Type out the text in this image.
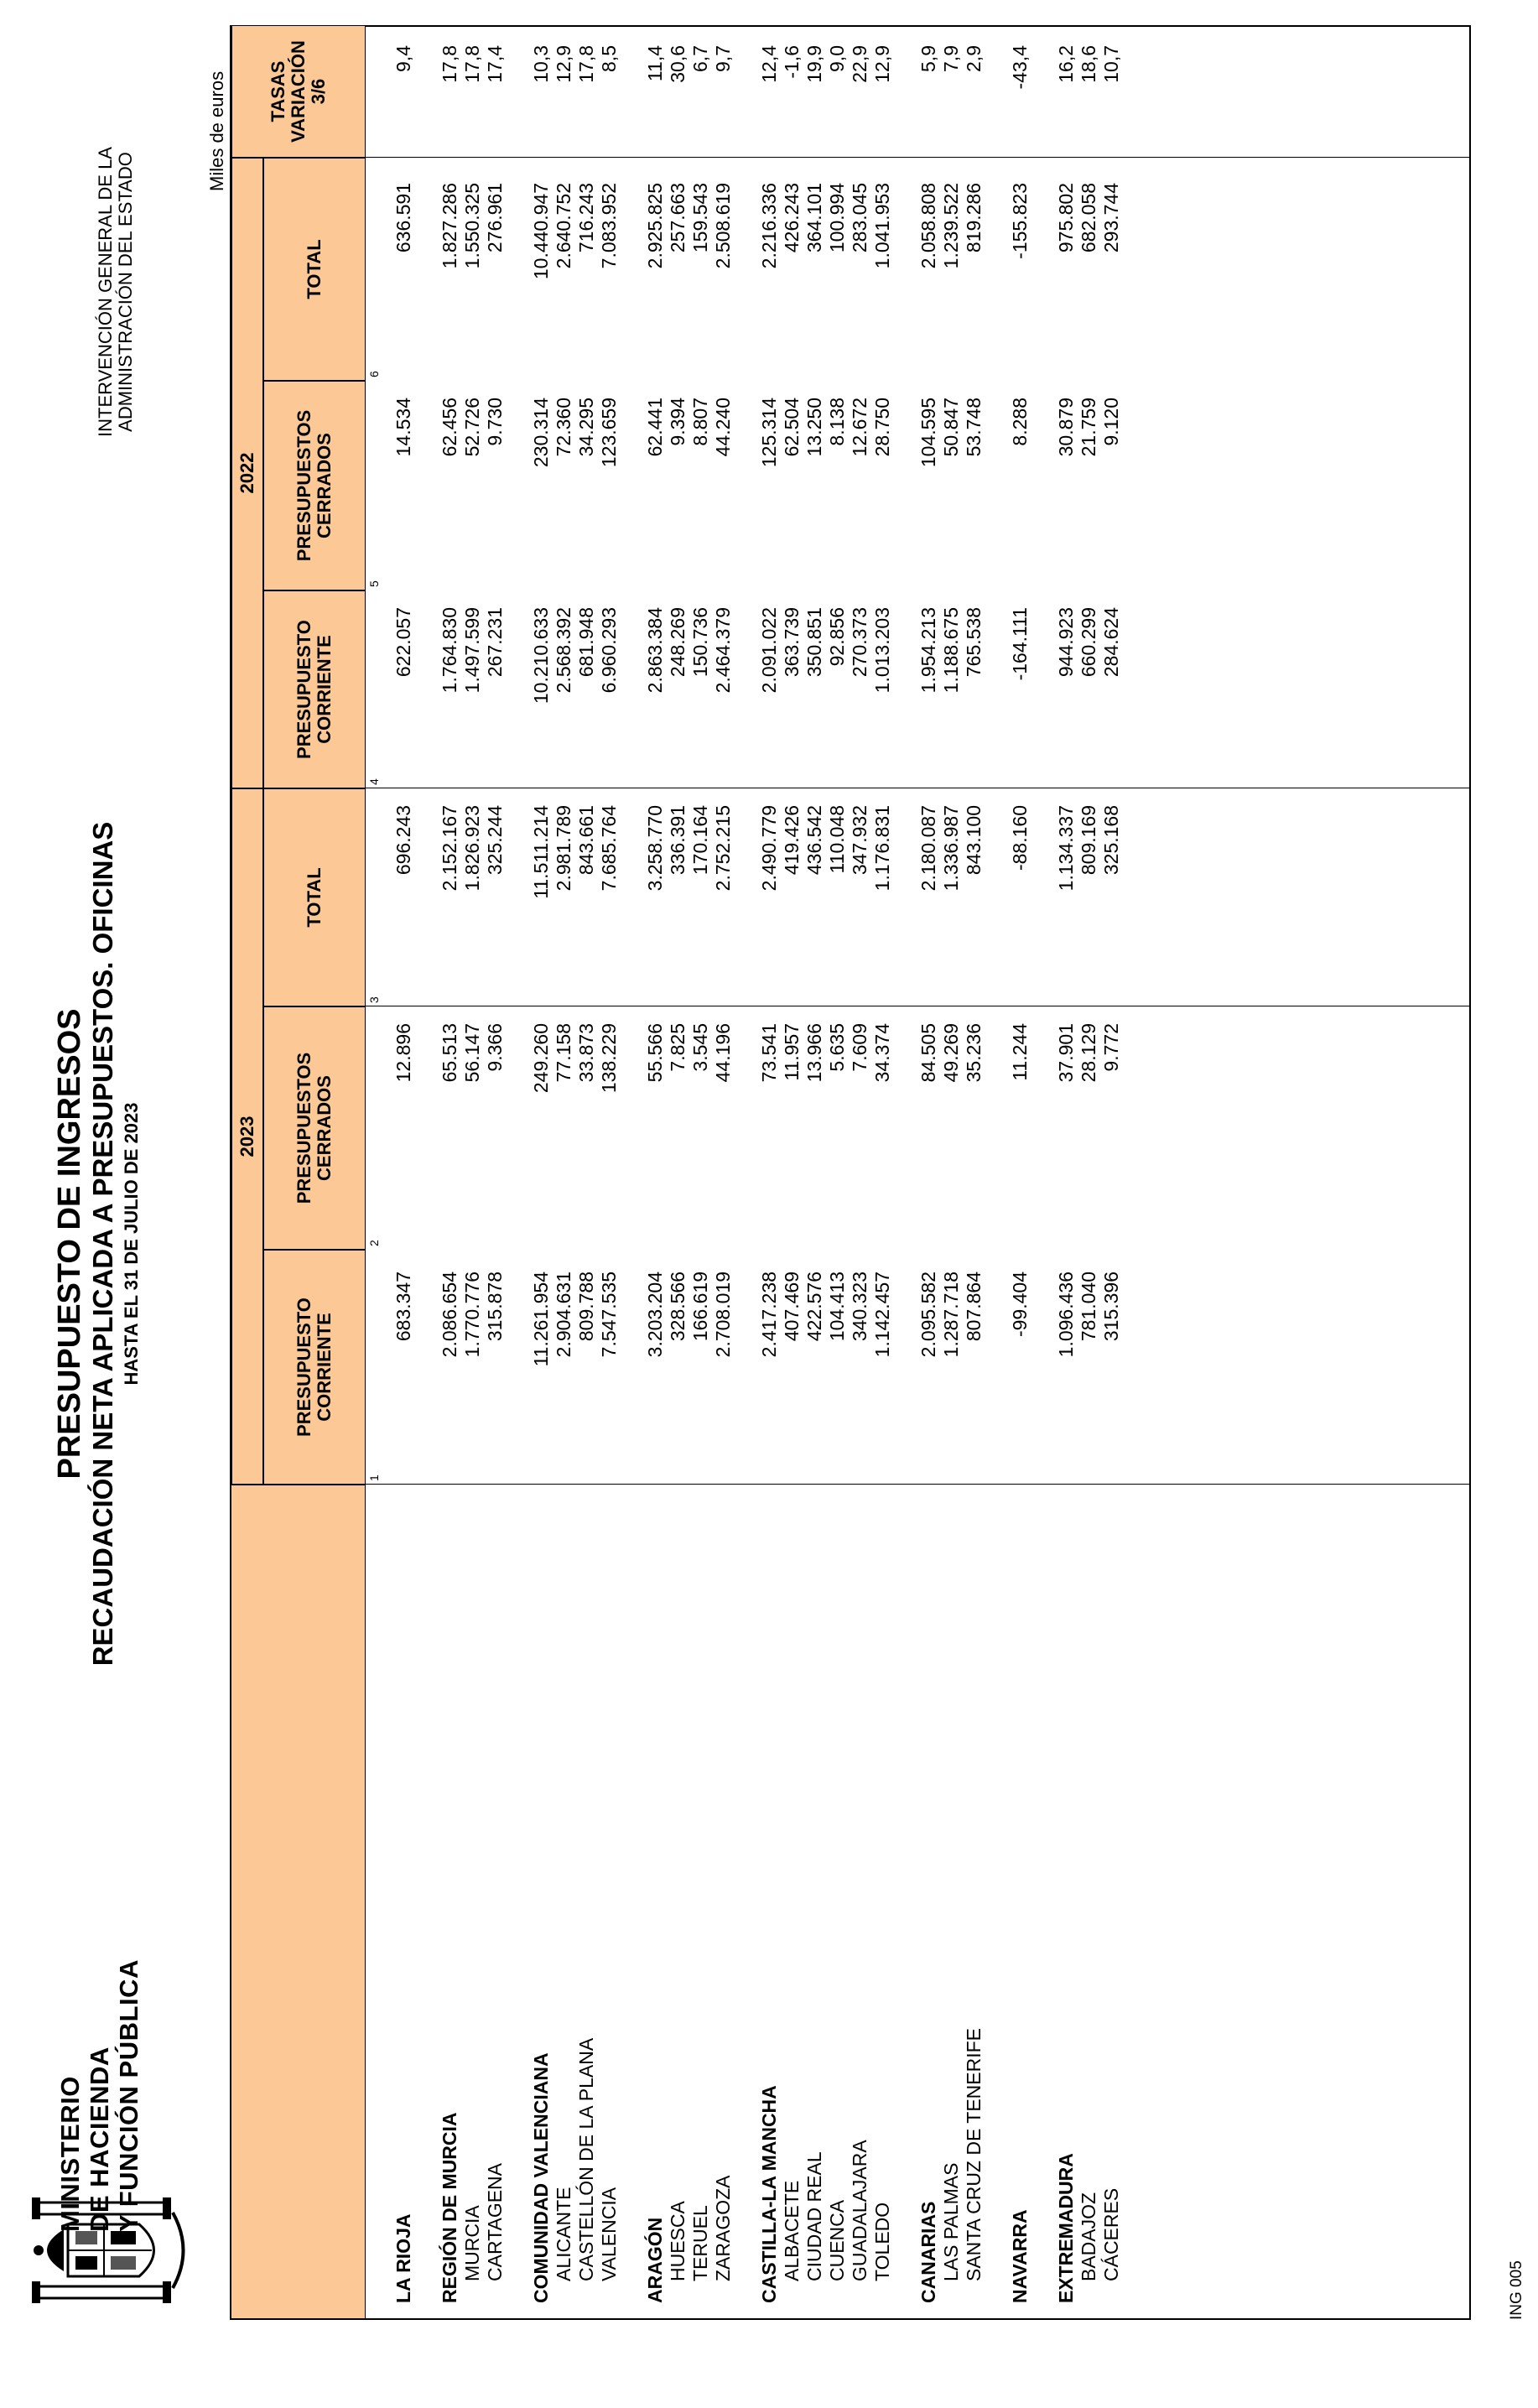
MINISTERIO DE HACIENDA Y FUNCIÓN PÚBLICA
PRESUPUESTO DE INGRESOS RECAUDACIÓN NETA APLICADA A PRESUPUESTOS. OFICINAS HASTA EL 31 DE JULIO DE 2023
INTERVENCIÓN GENERAL DE LA ADMINISTRACIÓN DEL ESTADO
Miles de euros
2023
2022
TASAS VARIACIÓN 3/6
PRESUPUESTO CORRIENTE
PRESUPUESTOS CERRADOS
TOTAL
PRESUPUESTO CORRIENTE
PRESUPUESTOS CERRADOS
TOTAL
1
2
3
4
5
6
LA RIOJA
683.347
12.896
696.243
622.057
14.534
636.591
9,4
REGIÓN DE MURCIA
2.086.654
65.513
2.152.167
1.764.830
62.456
1.827.286
17,8
MURCIA
1.770.776
56.147
1.826.923
1.497.599
52.726
1.550.325
17,8
CARTAGENA
315.878
9.366
325.244
267.231
9.730
276.961
17,4
COMUNIDAD VALENCIANA
11.261.954
249.260
11.511.214
10.210.633
230.314
10.440.947
10,3
ALICANTE
2.904.631
77.158
2.981.789
2.568.392
72.360
2.640.752
12,9
CASTELLÓN DE LA PLANA
809.788
33.873
843.661
681.948
34.295
716.243
17,8
VALENCIA
7.547.535
138.229
7.685.764
6.960.293
123.659
7.083.952
8,5
ARAGÓN
3.203.204
55.566
3.258.770
2.863.384
62.441
2.925.825
11,4
HUESCA
328.566
7.825
336.391
248.269
9.394
257.663
30,6
TERUEL
166.619
3.545
170.164
150.736
8.807
159.543
6,7
ZARAGOZA
2.708.019
44.196
2.752.215
2.464.379
44.240
2.508.619
9,7
CASTILLA-LA MANCHA
2.417.238
73.541
2.490.779
2.091.022
125.314
2.216.336
12,4
ALBACETE
407.469
11.957
419.426
363.739
62.504
426.243
-1,6
CIUDAD REAL
422.576
13.966
436.542
350.851
13.250
364.101
19,9
CUENCA
104.413
5.635
110.048
92.856
8.138
100.994
9,0
GUADALAJARA
340.323
7.609
347.932
270.373
12.672
283.045
22,9
TOLEDO
1.142.457
34.374
1.176.831
1.013.203
28.750
1.041.953
12,9
CANARIAS
2.095.582
84.505
2.180.087
1.954.213
104.595
2.058.808
5,9
LAS PALMAS
1.287.718
49.269
1.336.987
1.188.675
50.847
1.239.522
7,9
SANTA CRUZ DE TENERIFE
807.864
35.236
843.100
765.538
53.748
819.286
2,9
NAVARRA
-99.404
11.244
-88.160
-164.111
8.288
-155.823
-43,4
EXTREMADURA
1.096.436
37.901
1.134.337
944.923
30.879
975.802
16,2
BADAJOZ
781.040
28.129
809.169
660.299
21.759
682.058
18,6
CÁCERES
315.396
9.772
325.168
284.624
9.120
293.744
10,7
ING 005
